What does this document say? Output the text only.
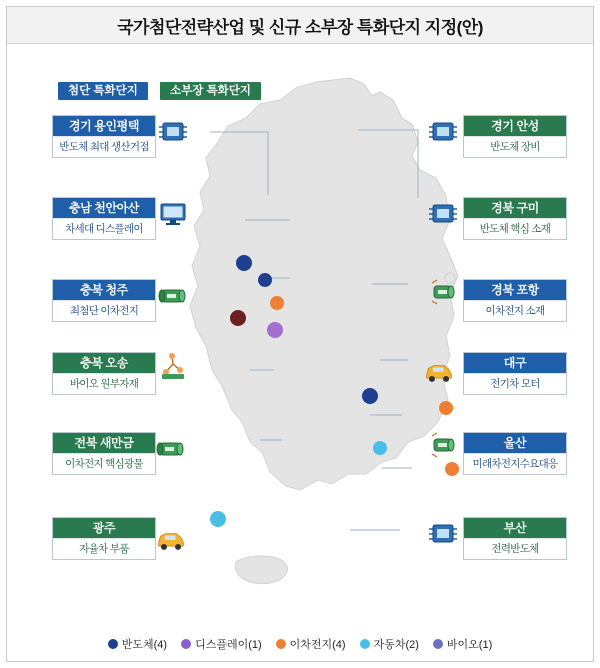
국가첨단전략산업 및 신규 소부장 특화단지 지정(안)
첨단 특화단지	소부장 특화단지
경기 용인평택
반도체 최대 생산거점
충남 천안아산
차세대 디스플레이
충북 청주
최첨단 이차전지
충북 오송
바이오 원부자재
전북 새만금
이차전지 핵심광물
광주
자율차 부품
경기 안성
반도체 장비
경북 구미
반도체 핵심 소재
경북 포항
이차전지 소재
대구
전기차 모터
울산
미래차전지수요대응
부산
전력반도체
반도체(4)	디스플레이(1)	이차전지(4)	자동차(2)	바이오(1)
